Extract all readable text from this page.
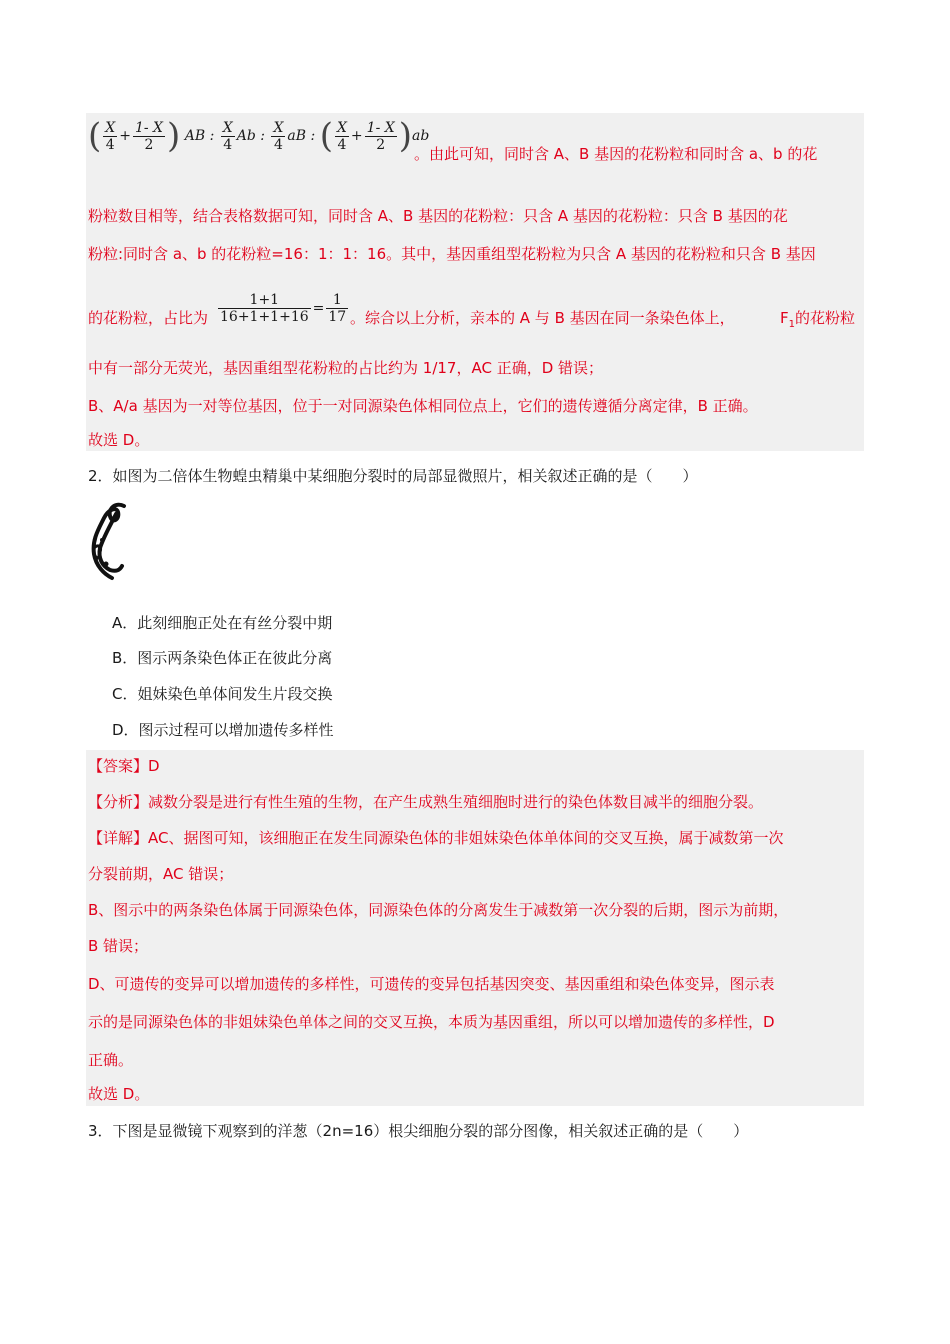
( $\frac{X}{4} + \frac{1- X}{2}$ ) AB : $\frac{X}{4}$ Ab : $\frac{X}{4}$ aB : ( $\frac{X}{4} + \frac{1- X}{2} )ab$
。由此可知，同时含 A、B 基因的花粉粒和同时含 a、b 的花
粉粒数目相等，结合表格数据可知，同时含 A、B 基因的花粉粒：只含 A 基因的花粉粒：只含 B 基因的花
粉粒:同时含 a、b 的花粉粒=16：1：1：16。其中，基因重组型花粉粒为只含 A 基因的花粉粒和只含 B 基因
的花粉粒，占比为 $\frac{1+1}{16+1+1+16} = \frac{1}{17}$ 。综合以上分析，亲本的 A 与 B 基因在同一条染色体上，	$F_1$的花粉粒
中有一部分无荧光，基因重组型花粉粒的占比约为 1/17，AC 正确，D 错误；
B、A/a 基因为一对等位基因，位于一对同源染色体相同位点上，它们的遗传遵循分离定律，B 正确。
故选 D。
2．如图为二倍体生物蝗虫精巢中某细胞分裂时的局部显微照片，相关叙述正确的是（　　）
A．此刻细胞正处在有丝分裂中期
B．图示两条染色体正在彼此分离
C．姐妹染色单体间发生片段交换
D．图示过程可以增加遗传多样性
【答案】D
【分析】减数分裂是进行有性生殖的生物，在产生成熟生殖细胞时进行的染色体数目减半的细胞分裂。
【详解】AC、据图可知，该细胞正在发生同源染色体的非姐妹染色体单体间的交叉互换，属于减数第一次
分裂前期，AC 错误；
B、图示中的两条染色体属于同源染色体，同源染色体的分离发生于减数第一次分裂的后期，图示为前期，
B 错误；
D、可遗传的变异可以增加遗传的多样性，可遗传的变异包括基因突变、基因重组和染色体变异，图示表
示的是同源染色体的非姐妹染色单体之间的交叉互换，本质为基因重组，所以可以增加遗传的多样性，D
正确。
故选 D。
3．下图是显微镜下观察到的洋葱（2n=16）根尖细胞分裂的部分图像，相关叙述正确的是（　　）
